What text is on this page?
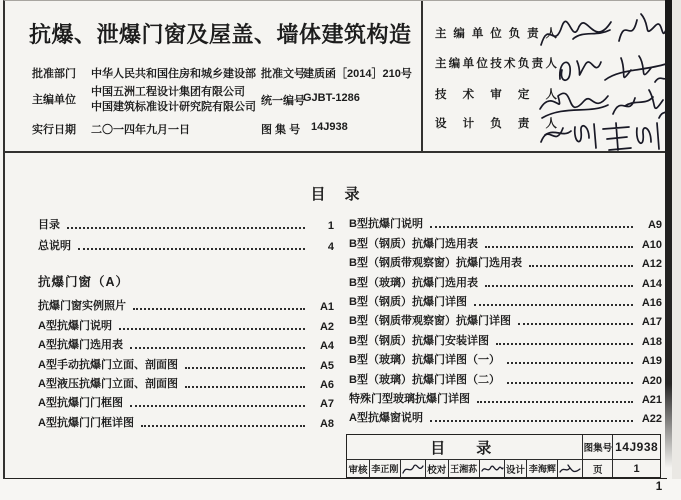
抗爆、泄爆门窗及屋盖、墙体建筑构造
批准部门 中华人民共和国住房和城乡建设部
主编单位
中国五洲工程设计集团有限公司
中国建筑标准设计研究院有限公司
实行日期 二〇一四年九月一日
批准文号
建质函［2014］210号
统一编号
GJBT-1286
图 集 号 14J938
主编单位负责人
主编单位技术负责人
技术审定人
设计负责人
目　录
目录	1
总说明	4
抗爆门窗（A）
抗爆门窗实例照片	A1
A型抗爆门说明	A2
A型抗爆门选用表	A4
A型手动抗爆门立面、剖面图	A5
A型液压抗爆门立面、剖面图	A6
A型抗爆门门框图	A7
A型抗爆门门框详图	A8
B型抗爆门说明	A9
B型（钢质）抗爆门选用表	A10
B型（钢质带观察窗）抗爆门选用表	A12
B型（玻璃）抗爆门选用表	A14
B型（钢质）抗爆门详图	A16
B型（钢质带观察窗）抗爆门详图	A17
B型（钢质）抗爆门安装详图	A18
B型（玻璃）抗爆门详图（一）	A19
B型（玻璃）抗爆门详图（二）	A20
特殊门型玻璃抗爆门详图	A21
A型抗爆窗说明	A22
目　录	图集号 14J938
审核 李正刚	校对 王湘荪	设计 李海辉	页	1
1
